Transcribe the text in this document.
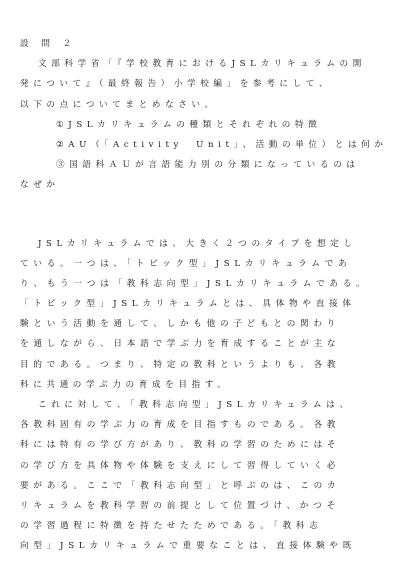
設 問 ２
文部科学省「『学校教育におけるJSLカリキュラムの開
発について』（最終報告）小学校編」を参考にして、
以下の点についてまとめなさい。
①JSLカリキュラムの種類とそれぞれの特徴
②AU（「Activity　Unit」、活動の単位）とは何か
③国語科ＡＵが言語能力別の分類になっているのは
なぜか
JSLカリキュラムでは、大きく２つのタイプを想定し
ている。一つは、「トピック型」JSLカリキュラムであ
り、もう一つは「教科志向型」JSLカリキュラムである。
「トピック型」JSLカリキュラムとは、具体物や直接体
験という活動を通して、しかも他の子どもとの関わり
を通しながら、日本語で学ぶ力を育成することが主な
目的である。つまり、特定の教科というよりも、各教
科に共通の学ぶ力の育成を目指す。
これに対して、「教科志向型」JSLカリキュラムは、
各教科固有の学ぶ力の育成を目指すものである。各教
科には特有の学び方があり、教科の学習のためにはそ
の学び方を具体物や体験を支えにして習得していく必
要がある。ここで「教科志向型」と呼ぶのは、このカ
リキュラムを教科学習の前提として位置づけ、かつそ
の学習過程に特徴を持たせたためである。「教科志
向型」JSLカリキュラムで重要なことは、直接体験や既
